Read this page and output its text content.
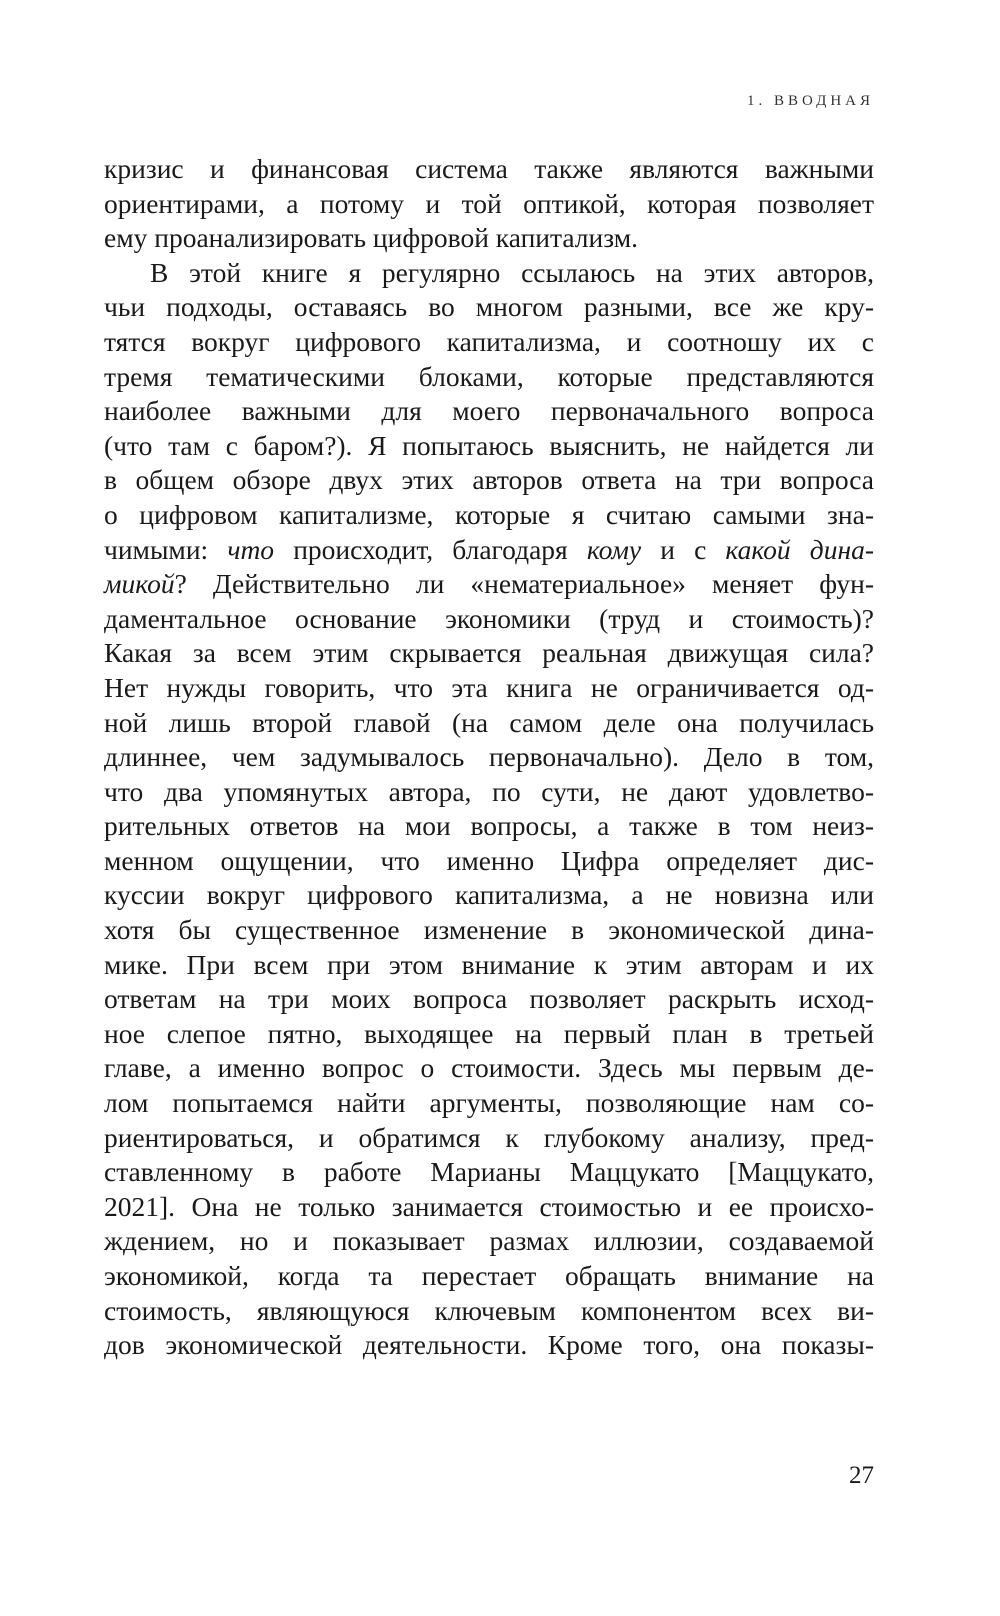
1. ВВОДНАЯ
кризис и финансовая система также являются важными
ориентирами, а потому и той оптикой, которая позволяет
ему проанализировать цифровой капитализм.
В этой книге я регулярно ссылаюсь на этих авторов,
чьи подходы, оставаясь во многом разными, все же кру-
тятся вокруг цифрового капитализма, и соотношу их с
тремя тематическими блоками, которые представляются
наиболее важными для моего первоначального вопроса
(что там с баром?). Я попытаюсь выяснить, не найдется ли
в общем обзоре двух этих авторов ответа на три вопроса
о цифровом капитализме, которые я считаю самыми зна-
чимыми: что происходит, благодаря кому и с какой дина-
микой? Действительно ли «нематериальное» меняет фун-
даментальное основание экономики (труд и стоимость)?
Какая за всем этим скрывается реальная движущая сила?
Нет нужды говорить, что эта книга не ограничивается од-
ной лишь второй главой (на самом деле она получилась
длиннее, чем задумывалось первоначально). Дело в том,
что два упомянутых автора, по сути, не дают удовлетво-
рительных ответов на мои вопросы, а также в том неиз-
менном ощущении, что именно Цифра определяет дис-
куссии вокруг цифрового капитализма, а не новизна или
хотя бы существенное изменение в экономической дина-
мике. При всем при этом внимание к этим авторам и их
ответам на три моих вопроса позволяет раскрыть исход-
ное слепое пятно, выходящее на первый план в третьей
главе, а именно вопрос о стоимости. Здесь мы первым де-
лом попытаемся найти аргументы, позволяющие нам со-
риентироваться, и обратимся к глубокому анализу, пред-
ставленному в работе Марианы Маццукато [Маццукато,
2021]. Она не только занимается стоимостью и ее происхо-
ждением, но и показывает размах иллюзии, создаваемой
экономикой, когда та перестает обращать внимание на
стоимость, являющуюся ключевым компонентом всех ви-
дов экономической деятельности. Кроме того, она показы-
27
